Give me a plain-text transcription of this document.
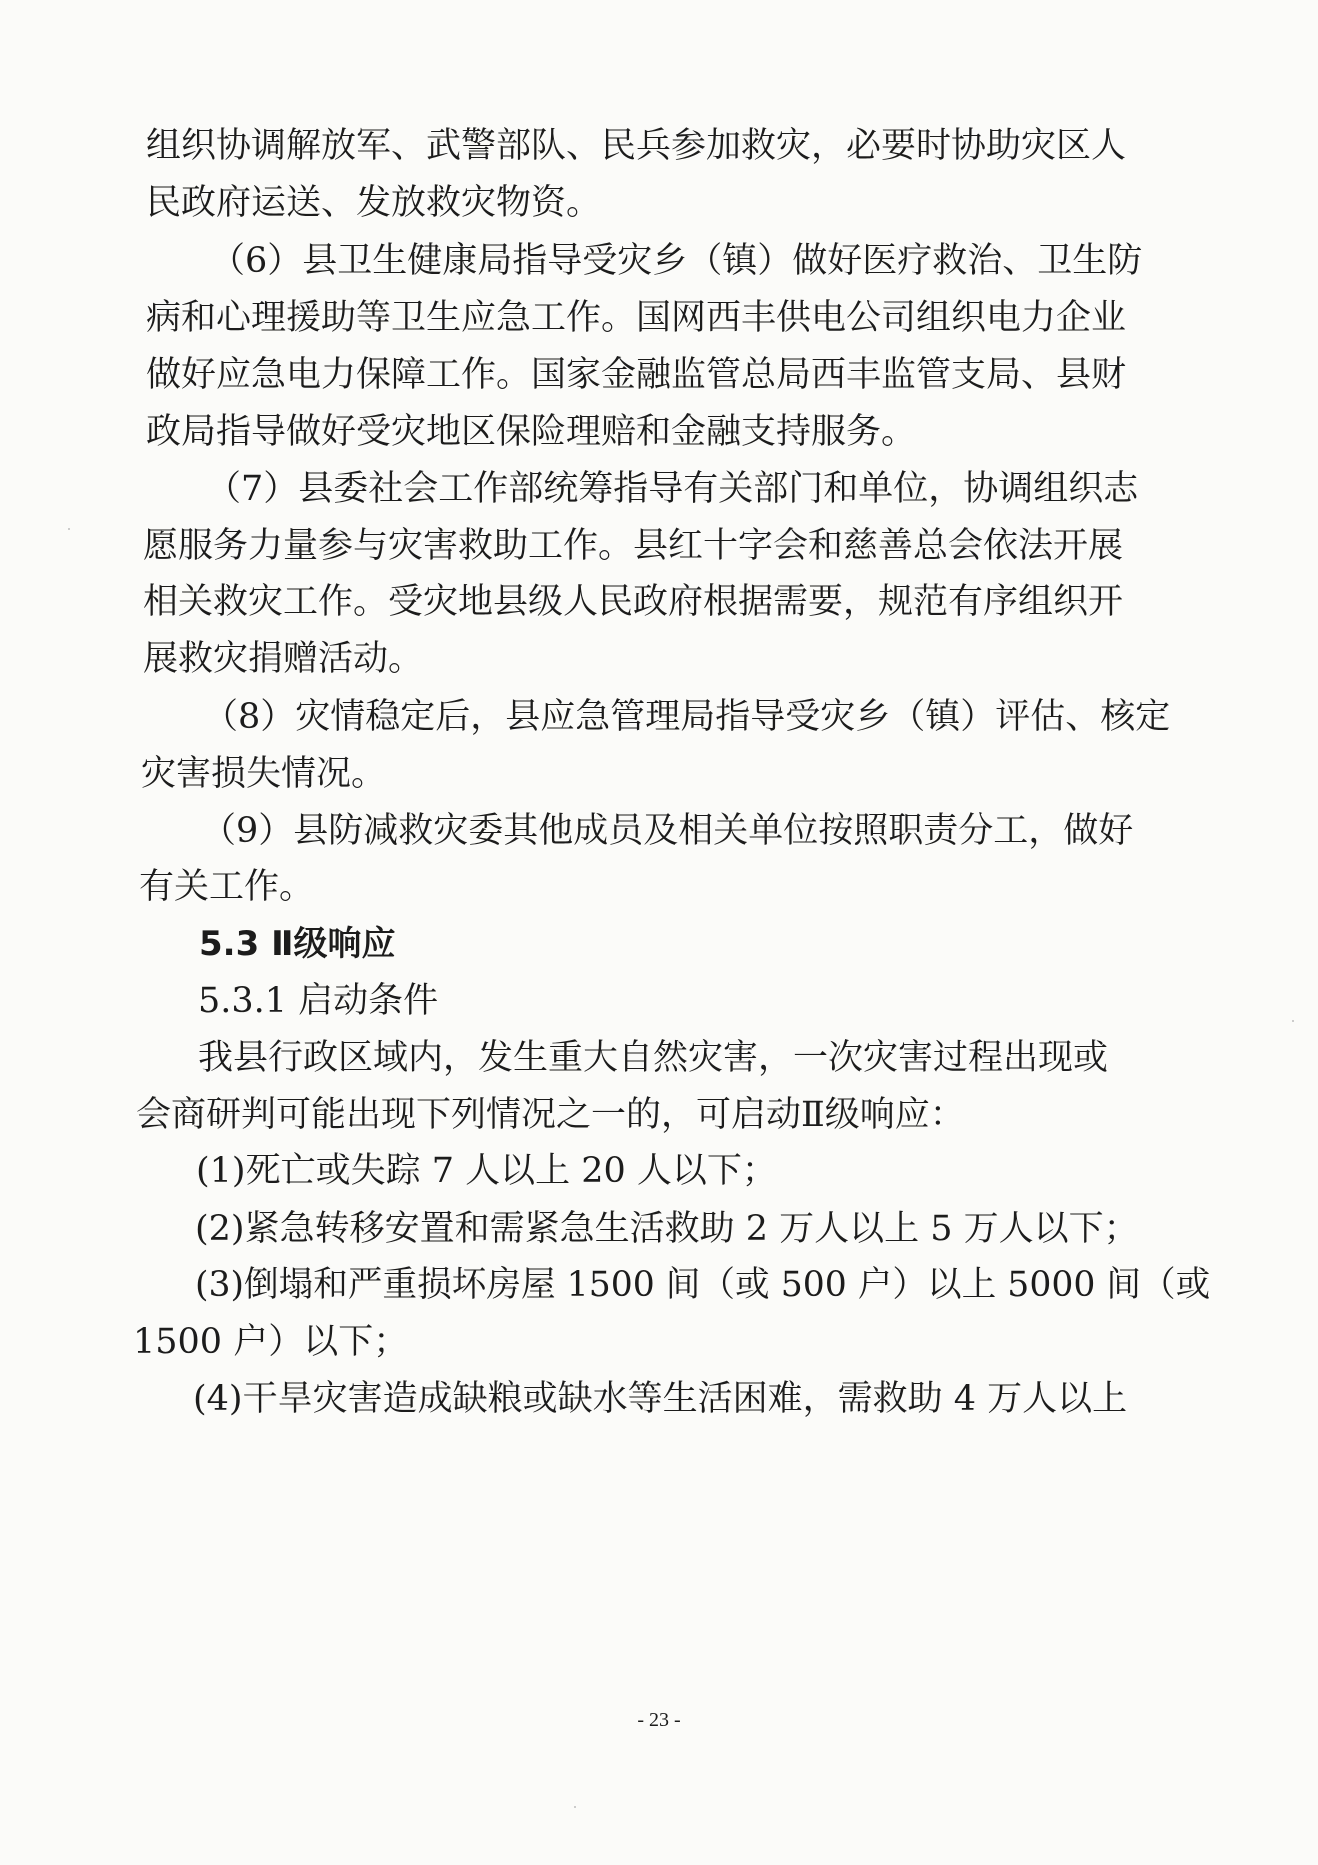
组织协调解放军、武警部队、民兵参加救灾，必要时协助灾区人
民政府运送、发放救灾物资。
（6）县卫生健康局指导受灾乡（镇）做好医疗救治、卫生防
病和心理援助等卫生应急工作。国网西丰供电公司组织电力企业
做好应急电力保障工作。国家金融监管总局西丰监管支局、县财
政局指导做好受灾地区保险理赔和金融支持服务。
（7）县委社会工作部统筹指导有关部门和单位，协调组织志
愿服务力量参与灾害救助工作。县红十字会和慈善总会依法开展
相关救灾工作。受灾地县级人民政府根据需要，规范有序组织开
展救灾捐赠活动。
（8）灾情稳定后，县应急管理局指导受灾乡（镇）评估、核定
灾害损失情况。
（9）县防减救灾委其他成员及相关单位按照职责分工，做好
有关工作。
5.3 Ⅱ级响应
5.3.1 启动条件
我县行政区域内，发生重大自然灾害，一次灾害过程出现或
会商研判可能出现下列情况之一的，可启动Ⅱ级响应：
(1)死亡或失踪 7 人以上 20 人以下；
(2)紧急转移安置和需紧急生活救助 2 万人以上 5 万人以下；
(3)倒塌和严重损坏房屋 1500 间（或 500 户）以上 5000 间（或
1500 户）以下；
(4)干旱灾害造成缺粮或缺水等生活困难，需救助 4 万人以上
- 23 -
